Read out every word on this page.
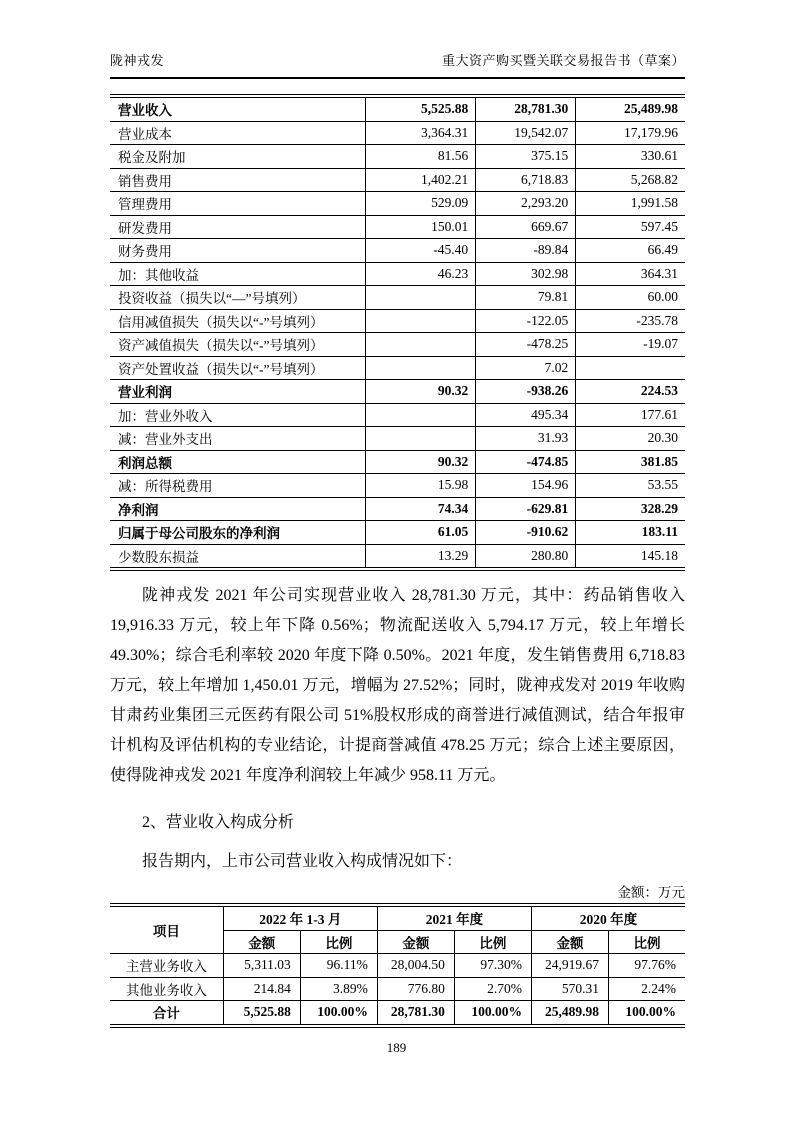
陇神戎发	重大资产购买暨关联交易报告书（草案）
营业收入	5,525.88	28,781.30	25,489.98
营业成本	3,364.31	19,542.07	17,179.96
税金及附加	81.56	375.15	330.61
销售费用	1,402.21	6,718.83	5,268.82
管理费用	529.09	2,293.20	1,991.58
研发费用	150.01	669.67	597.45
财务费用	-45.40	-89.84	66.49
加：其他收益	46.23	302.98	364.31
投资收益（损失以“—”号填列）		79.81	60.00
信用减值损失（损失以“-”号填列）		-122.05	-235.78
资产减值损失（损失以“-”号填列）		-478.25	-19.07
资产处置收益（损失以“-”号填列）		7.02	
营业利润	90.32	-938.26	224.53
加：营业外收入		495.34	177.61
减：营业外支出		31.93	20.30
利润总额	90.32	-474.85	381.85
减：所得税费用	15.98	154.96	53.55
净利润	74.34	-629.81	328.29
归属于母公司股东的净利润	61.05	-910.62	183.11
少数股东损益	13.29	280.80	145.18

陇神戎发 2021 年公司实现营业收入 28,781.30 万元，其中：药品销售收入 19,916.33 万元，较上年下降 0.56%；物流配送收入 5,794.17 万元，较上年增长 49.30%；综合毛利率较 2020 年度下降 0.50%。2021 年度，发生销售费用 6,718.83 万元，较上年增加 1,450.01 万元，增幅为 27.52%；同时，陇神戎发对 2019 年收购甘肃药业集团三元医药有限公司 51%股权形成的商誉进行减值测试，结合年报审计机构及评估机构的专业结论，计提商誉减值 478.25 万元；综合上述主要原因，使得陇神戎发 2021 年度净利润较上年减少 958.11 万元。

2、营业收入构成分析

报告期内，上市公司营业收入构成情况如下：

金额：万元
项目	2022 年 1-3 月		2021 年度		2020 年度	
	金额	比例	金额	比例	金额	比例
主营业务收入	5,311.03	96.11%	28,004.50	97.30%	24,919.67	97.76%
其他业务收入	214.84	3.89%	776.80	2.70%	570.31	2.24%
合计	5,525.88	100.00%	28,781.30	100.00%	25,489.98	100.00%
189
